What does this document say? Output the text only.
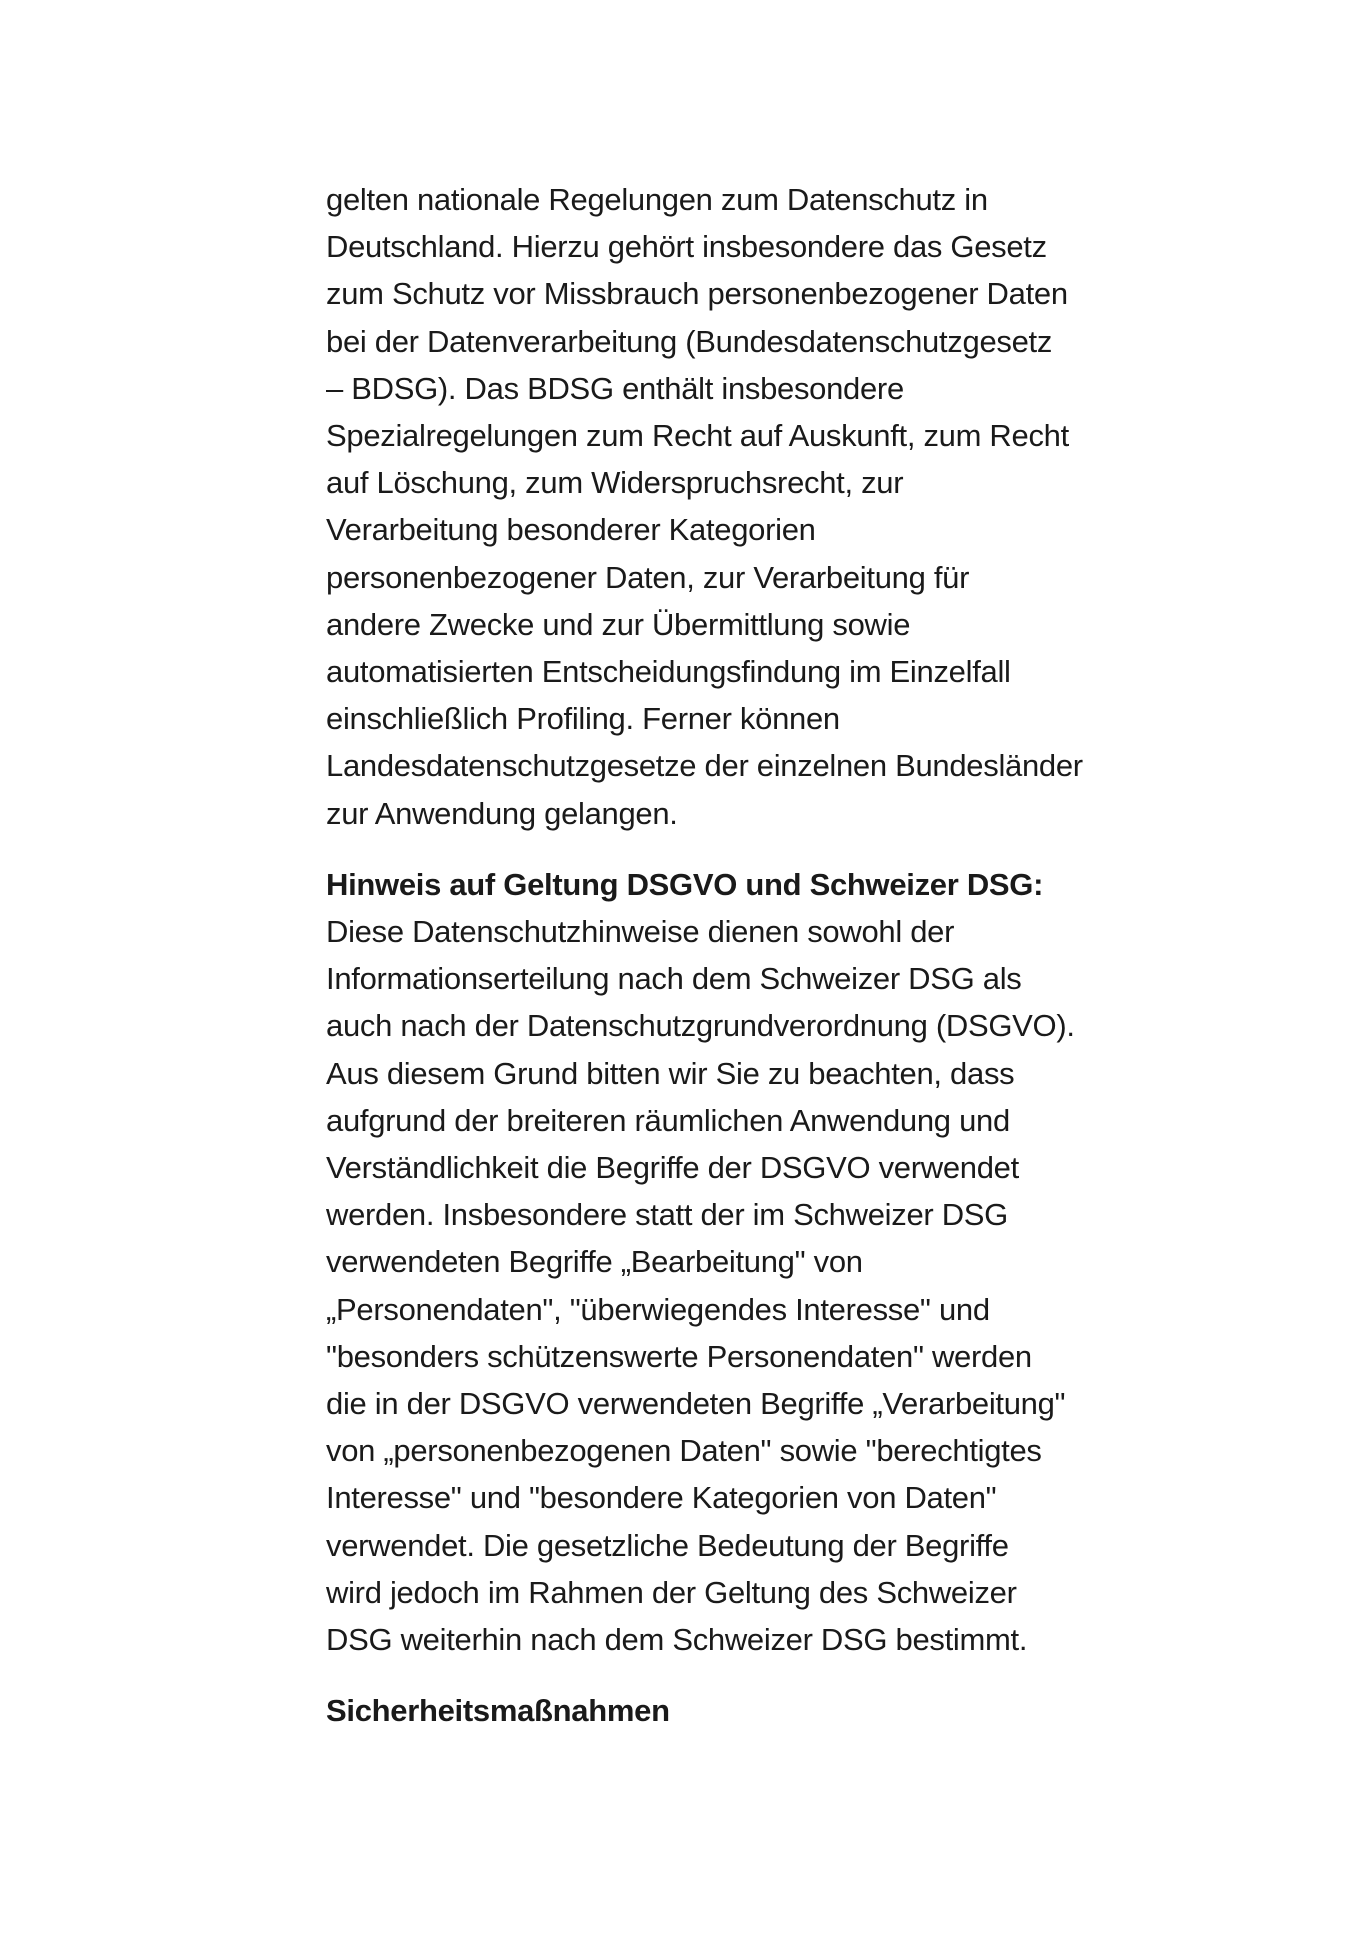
gelten nationale Regelungen zum Datenschutz in
Deutschland. Hierzu gehört insbesondere das Gesetz
zum Schutz vor Missbrauch personenbezogener Daten
bei der Datenverarbeitung (Bundesdatenschutzgesetz
– BDSG). Das BDSG enthält insbesondere
Spezialregelungen zum Recht auf Auskunft, zum Recht
auf Löschung, zum Widerspruchsrecht, zur
Verarbeitung besonderer Kategorien
personenbezogener Daten, zur Verarbeitung für
andere Zwecke und zur Übermittlung sowie
automatisierten Entscheidungsfindung im Einzelfall
einschließlich Profiling. Ferner können
Landesdatenschutzgesetze der einzelnen Bundesländer
zur Anwendung gelangen.

Hinweis auf Geltung DSGVO und Schweizer DSG:

Diese Datenschutzhinweise dienen sowohl der
Informationserteilung nach dem Schweizer DSG als
auch nach der Datenschutzgrundverordnung (DSGVO).
Aus diesem Grund bitten wir Sie zu beachten, dass
aufgrund der breiteren räumlichen Anwendung und
Verständlichkeit die Begriffe der DSGVO verwendet
werden. Insbesondere statt der im Schweizer DSG
verwendeten Begriffe „Bearbeitung" von
„Personendaten", "überwiegendes Interesse" und
"besonders schützenswerte Personendaten" werden
die in der DSGVO verwendeten Begriffe „Verarbeitung"
von „personenbezogenen Daten" sowie "berechtigtes
Interesse" und "besondere Kategorien von Daten"
verwendet. Die gesetzliche Bedeutung der Begriffe
wird jedoch im Rahmen der Geltung des Schweizer
DSG weiterhin nach dem Schweizer DSG bestimmt.

Sicherheitsmaßnahmen
